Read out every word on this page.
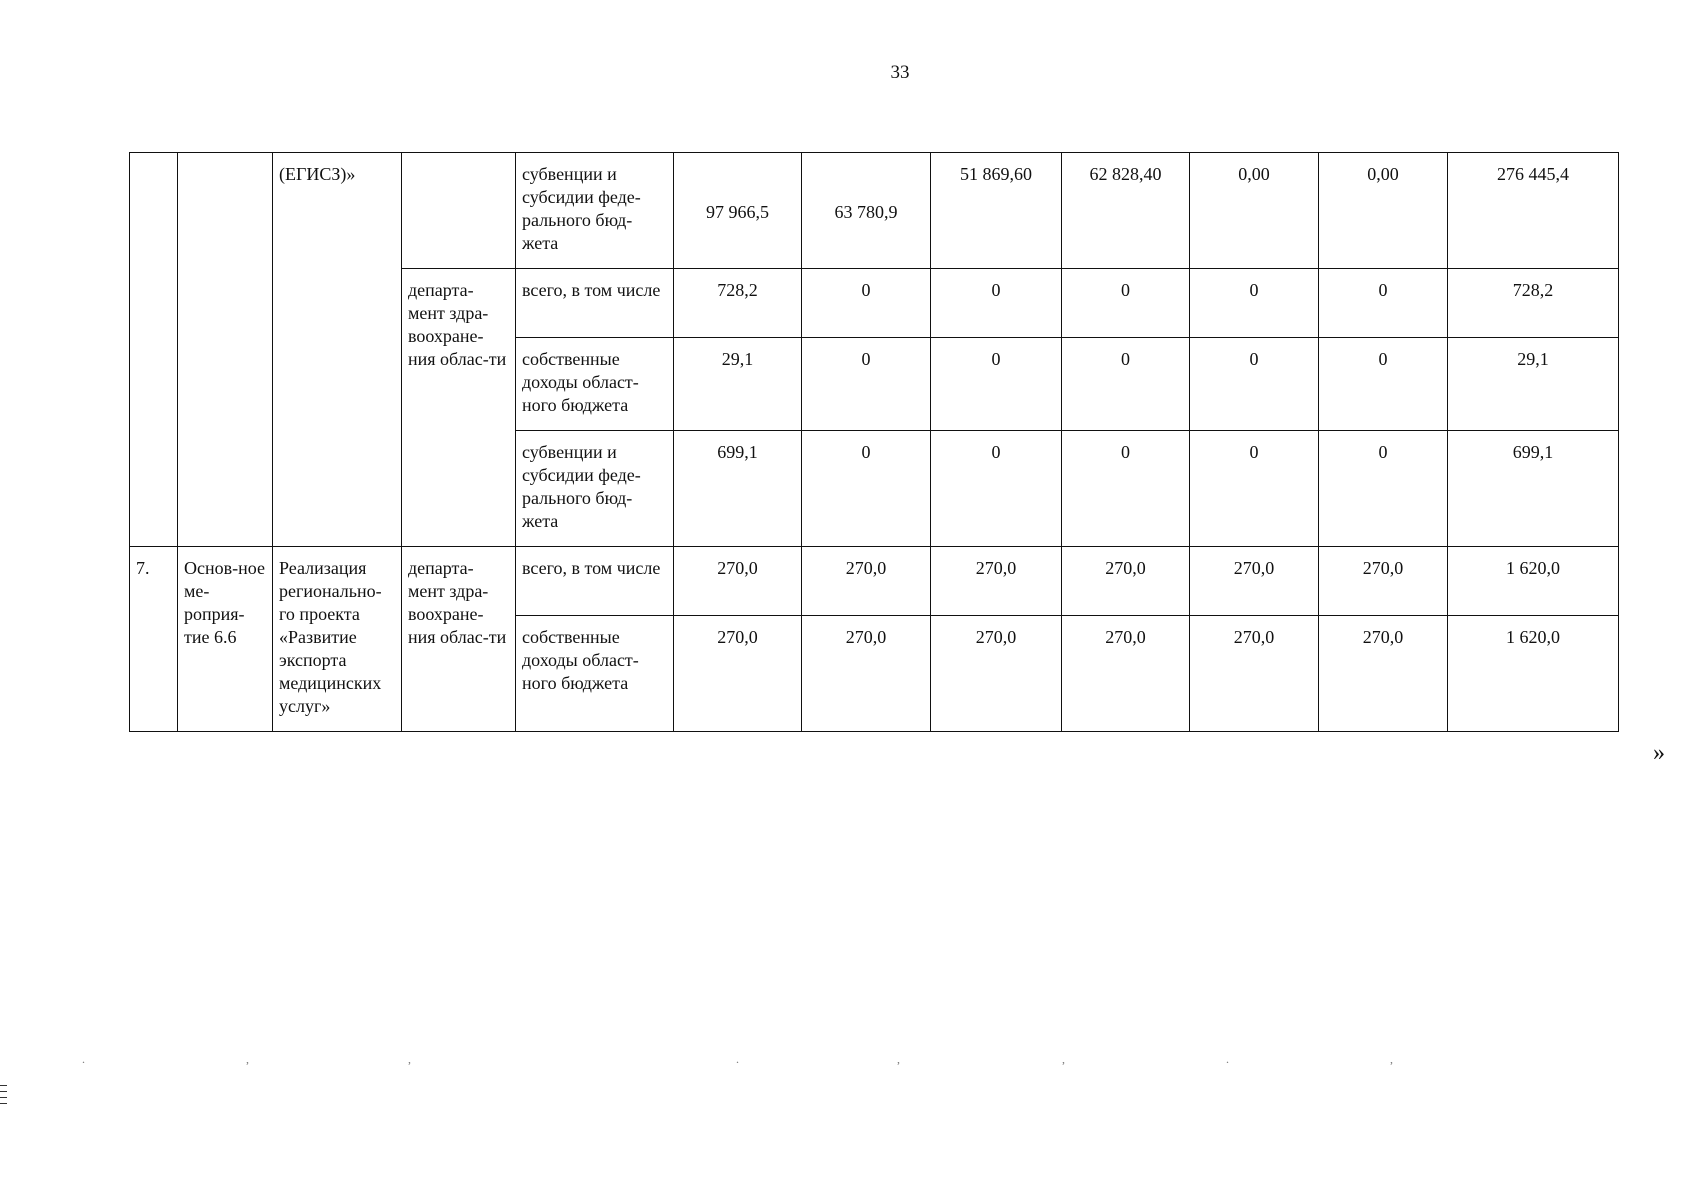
33
		(ЕГИСЗ)»		субвенции и субсидии феде-рального бюд-жета	97 966,5	63 780,9	51 869,60	62 828,40	0,00	0,00	276 445,4
			департа-мент здра-воохране-ния облас-ти	всего, в том числе	728,2	0	0	0	0	0	728,2
				собственные доходы област-ного бюджета	29,1	0	0	0	0	0	29,1
				субвенции и субсидии феде-рального бюд-жета	699,1	0	0	0	0	0	699,1
7.	Основ-ное ме-роприя-тие 6.6	Реализация регионально-го проекта «Развитие экспорта медицинских услуг»	департа-мент здра-воохране-ния облас-ти	всего, в том числе	270,0	270,0	270,0	270,0	270,0	270,0	1 620,0
				собственные доходы област-ного бюджета	270,0	270,0	270,0	270,0	270,0	270,0	1 620,0
»
.	,	,	.	,	,	.	,
